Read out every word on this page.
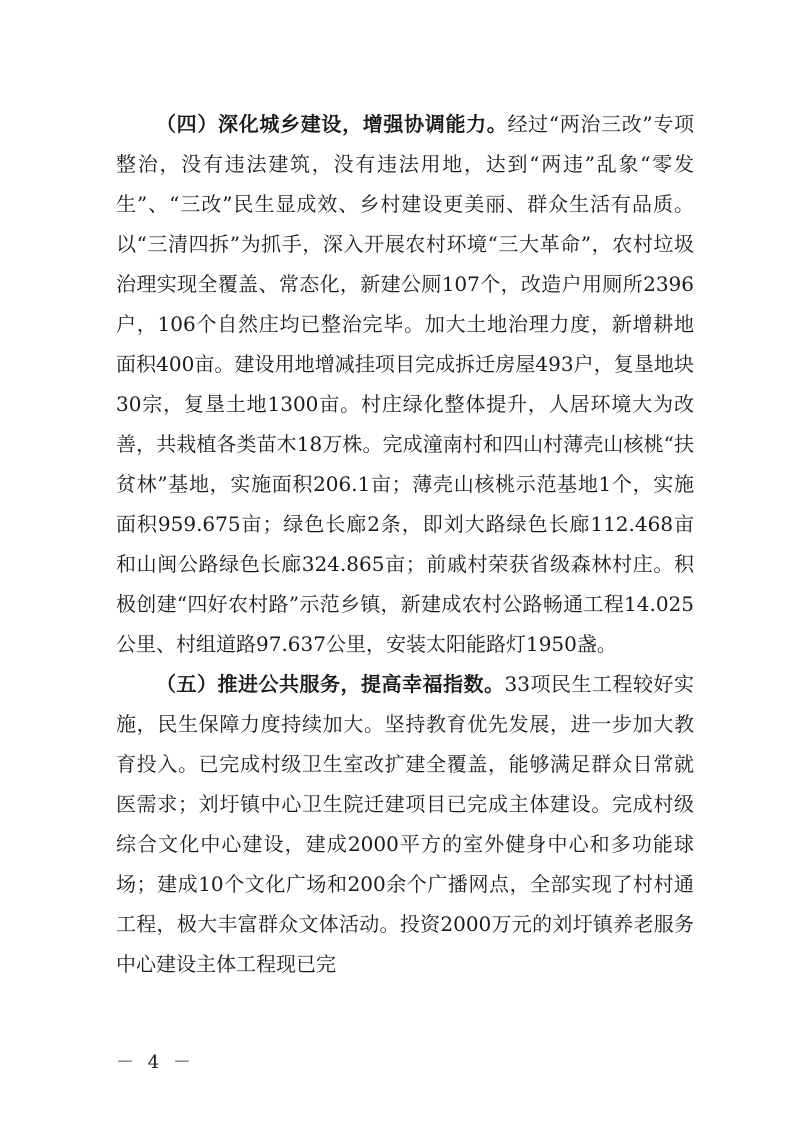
（四）深化城乡建设，增强协调能力。经过“两治三改”专项整治，没有违法建筑，没有违法用地，达到“两违”乱象“零发生”、“三改”民生显成效、乡村建设更美丽、群众生活有品质。以“三清四拆”为抓手，深入开展农村环境“三大革命”，农村垃圾治理实现全覆盖、常态化，新建公厕107个，改造户用厕所2396户，106个自然庄均已整治完毕。加大土地治理力度，新增耕地面积400亩。建设用地增减挂项目完成拆迁房屋493户，复垦地块30宗，复垦土地1300亩。村庄绿化整体提升，人居环境大为改善，共栽植各类苗木18万株。完成潼南村和四山村薄壳山核桃“扶贫林”基地，实施面积206.1亩；薄壳山核桃示范基地1个，实施面积959.675亩；绿色长廊2条，即刘大路绿色长廊112.468亩和山闽公路绿色长廊324.865亩；前戚村荣获省级森林村庄。积极创建“四好农村路”示范乡镇，新建成农村公路畅通工程14.025公里、村组道路97.637公里，安装太阳能路灯1950盏。

（五）推进公共服务，提高幸福指数。33项民生工程较好实施，民生保障力度持续加大。坚持教育优先发展，进一步加大教育投入。已完成村级卫生室改扩建全覆盖，能够满足群众日常就医需求；刘圩镇中心卫生院迁建项目已完成主体建设。完成村级综合文化中心建设，建成2000平方的室外健身中心和多功能球场；建成10个文化广场和200余个广播网点，全部实现了村村通工程，极大丰富群众文体活动。投资2000万元的刘圩镇养老服务中心建设主体工程现已完

－ 4 －
